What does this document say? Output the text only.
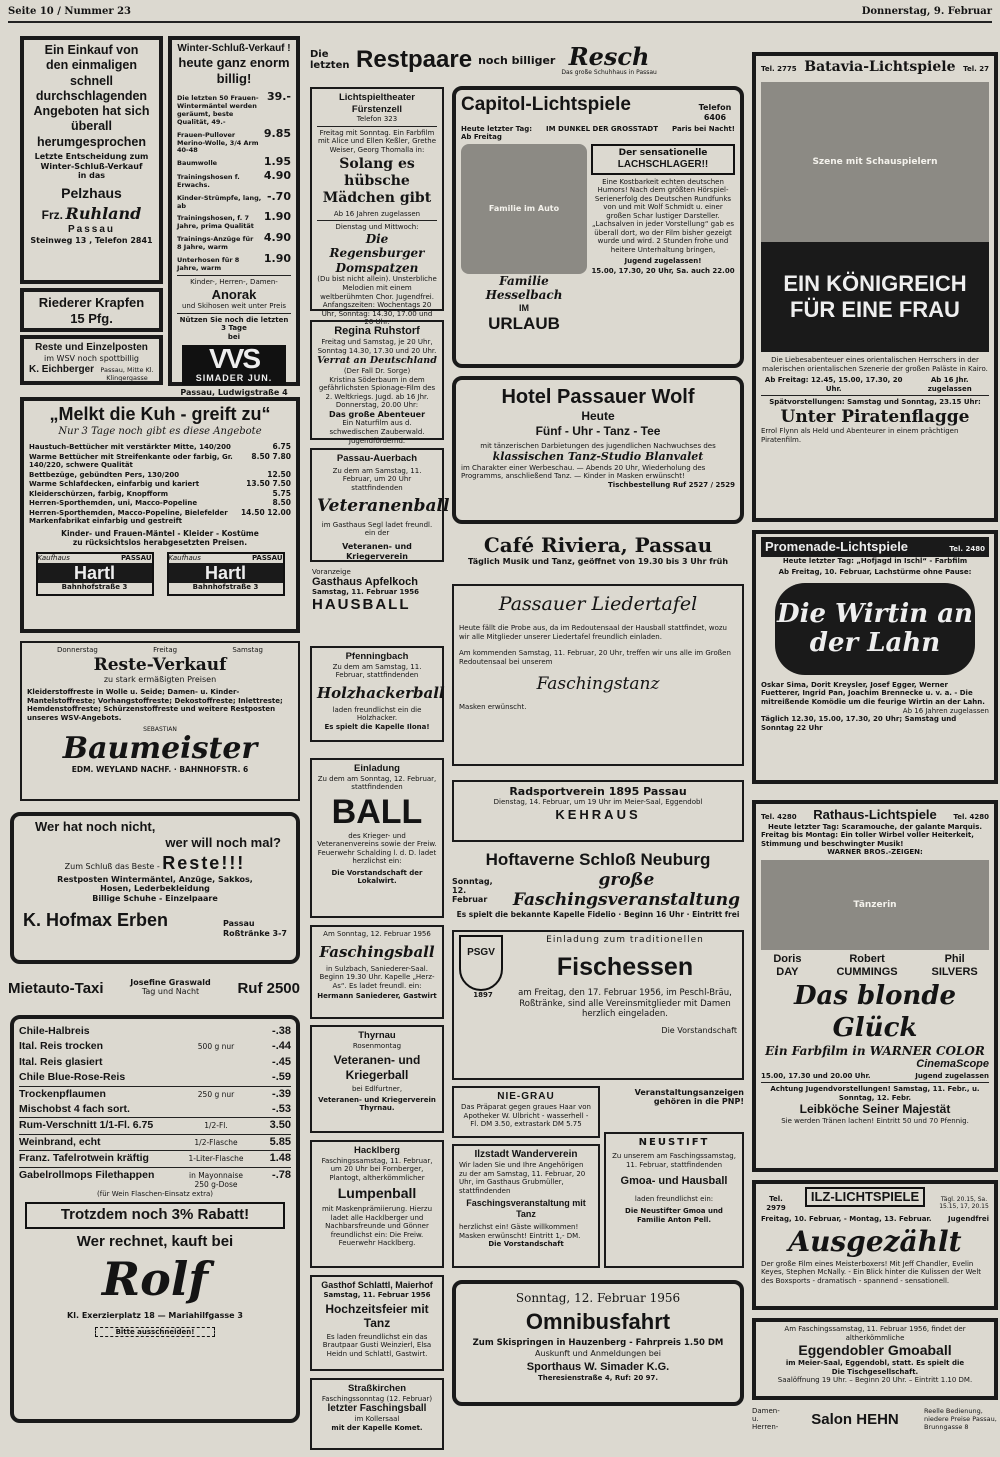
Seite 10 / Nummer 23	Donnerstag, 9. Februar
Ein Einkauf von
den einmaligen
schnell
durchschlagenden
Angeboten hat sich
überall
herumgesprochen
Letzte Entscheidung zum
Winter-Schluß-Verkauf
in das
Pelzhaus
Frz. Ruhland
Passau
Steinweg 13 , Telefon 2841
Riederer Krapfen
15 Pfg.
Reste und Einzelposten
im WSV noch spottbillig
K. Eichberger Passau, Mitte Kl. Klingergasse
Winter-Schluß-Verkauf !
heute ganz enorm
billig!
Die letzten 50 Frauen-Wintermäntel werden geräumt, beste Qualität, 49.-
39.-
Frauen-Pullover Merino-Wolle, 3/4 Arm 40-48
9.85
Baumwolle	1.95
Trainingshosen f. Erwachs.
4.90
Kinder-Strümpfe, lang, ab
-.70
Trainingshosen, f. 7 Jahre, prima Qualität
1.90
Trainings-Anzüge für 8 Jahre, warm
4.90
Unterhosen für 8 Jahre, warm
1.90
Kinder-, Herren-, Damen-
Anorak
und Skihosen weit unter Preis
Nützen Sie noch die letzten 3 Tage
bei
VVS
SIMADER JUN.
Passau, Ludwigstraße 4
„Melkt die Kuh - greift zu“
Nur 3 Tage noch gibt es diese Angebote
Haustuch-Bettücher mit verstärkter Mitte, 140/200	6.75
Warme Bettücher mit Streifenkante oder farbig, Gr. 140/220, schwere Qualität
8.50 7.80
Bettbezüge, gebündten Pers, 130/200	12.50
Warme Schlafdecken, einfarbig und kariert	13.50 7.50
Kleiderschürzen, farbig, Knopfform	5.75
Herren-Sporthemden, uni, Macco-Popeline	8.50
Herren-Sporthemden, Macco-Popeline, Bielefelder Markenfabrikat einfarbig und gestreift
14.50 12.00
Kinder- und Frauen-Mäntel - Kleider - Kostüme
zu rücksichtslos herabgesetzten Preisen.
Kaufhaus	PASSAU
Hartl
Bahnhofstraße 3
Kaufhaus	PASSAU
Hartl
Bahnhofstraße 3
Donnerstag	Freitag	Samstag
Reste-Verkauf
zu stark ermäßigten Preisen
Kleiderstoffreste in Wolle u. Seide; Damen- u. Kinder-Mantelstoffreste; Vorhangstoffreste; Dekostoffreste; Inlettreste; Hemdenstoffreste; Schürzenstoffreste und weitere Restposten unseres WSV-Angebots.
SEBASTIAN
Baumeister
EDM. WEYLAND NACHF. · BAHNHOFSTR. 6
Wer hat noch nicht,
wer will noch mal?
Zum Schluß das Beste - Reste!!!
Restposten Wintermäntel, Anzüge, Sakkos,
Hosen, Lederbekleidung
Billige Schuhe - Einzelpaare
K. Hofmax Erben	Passau
Roßtränke 3-7
Mietauto-Taxi	Josefine Graswald
Tag und Nacht	Ruf 2500
Chile-Halbreis	-.38
Ital. Reis trocken	500 g nur	-.44
Ital. Reis glasiert	-.45
Chile Blue-Rose-Reis	-.59
Trockenpflaumen	250 g nur	-.39
Mischobst 4 fach sort.	-.53
Rum-Verschnitt 1/1-Fl. 6.75	1/2-Fl.	3.50
Weinbrand, echt	1/2-Flasche	5.85
Franz. Tafelrotwein kräftig	1-Liter-Flasche	1.48
Gabelrollmops Filethappen	in Mayonnaise 250 g-Dose
-.78
(für Wein Flaschen-Einsatz extra)
Trotzdem noch 3% Rabatt!
Wer rechnet, kauft bei
Rolf
Kl. Exerzierplatz 18 — Mariahilfgasse 3
Bitte ausschneiden!
Die letzten Restpaare noch billiger Resch
Das große Schuhhaus in Passau
Lichtspieltheater Fürstenzell
Telefon 323
Freitag mit Sonntag. Ein Farbfilm mit Alice und Ellen Keßler, Grethe Weiser, Georg Thomalla in:
Solang es hübsche Mädchen gibt
Ab 16 Jahren zugelassen
Dienstag und Mittwoch:
Die Regensburger Domspatzen
(Du bist nicht allein). Unsterbliche Melodien mit einem weltberühmten Chor. Jugendfrei. Anfangszeiten: Wochentags 20 Uhr, Sonntag: 14.30, 17.00 und 20 Uhr.
Regina Ruhstorf
Freitag und Samstag, je 20 Uhr, Sonntag 14.30, 17.30 und 20 Uhr.
Verrat an Deutschland
(Der Fall Dr. Sorge)
Kristina Söderbaum in dem gefährlichsten Spionage-Film des 2. Weltkriegs. Jugd. ab 16 Jhr. Donnerstag, 20.00 Uhr:
Das große Abenteuer
Ein Naturfilm aus d. schwedischen Zauberwald. Jugendfördernd.
Passau-Auerbach
Zu dem am Samstag, 11. Februar, um 20 Uhr stattfindenden
Veteranenball
im Gasthaus Segl ladet freundl. ein der
Veteranen- und Kriegerverein
Voranzeige
Gasthaus Apfelkoch
Samstag, 11. Februar 1956
HAUSBALL
Pfenningbach
Zu dem am Samstag, 11. Februar, stattfindenden
Holzhackerball
laden freundlichst ein die Holzhacker.
Es spielt die Kapelle Ilona!
Einladung
Zu dem am Sonntag, 12. Februar, stattfindenden
BALL
des Krieger- und Veteranenvereins sowie der Freiw. Feuerwehr Schalding l. d. D. ladet herzlichst ein:
Die Vorstandschaft der
Lokalwirt.
Am Sonntag, 12. Februar 1956
Faschingsball
in Sulzbach, Saniederer-Saal. Beginn 19.30 Uhr. Kapelle „Herz-As“. Es ladet freundl. ein:
Hermann Saniederer, Gastwirt
Thyrnau
Rosenmontag
Veteranen- und Kriegerball
bei Edlfurtner,
Veteranen- und Kriegerverein Thyrnau.
Hacklberg
Faschingssamstag, 11. Februar, um 20 Uhr bei Fornberger, Plantogt, altherkömmlicher
Lumpenball
mit Maskenprämiierung. Hierzu ladet alle Hacklberger und Nachbarsfreunde und Gönner freundlichst ein: Die Freiw. Feuerwehr Hacklberg.
Gasthof Schlattl, Maierhof
Samstag, 11. Februar 1956
Hochzeitsfeier mit Tanz
Es laden freundlichst ein das Brautpaar Gusti Weinzierl, Elsa Heidn und Schlattl, Gastwirt.
Straßkirchen
Faschingssonntag (12. Februar)
letzter Faschingsball
im Kollersaal
mit der Kapelle Komet.
Capitol-Lichtspiele	Telefon 6406
Heute letzter Tag: IM DUNKEL DER GROSSTADT Paris bei Nacht!
Ab Freitag
Familie im Auto
Familie Hesselbach
IM
URLAUB
Der sensationelle
LACHSCHLAGER!!
Eine Kostbarkeit echten deutschen Humors! Nach dem größten Hörspiel-Serienerfolg des Deutschen Rundfunks von und mit Wolf Schmidt u. einer großen Schar lustiger Darsteller. „Lachsalven in jeder Vorstellung“ gab es überall dort, wo der Film bisher gezeigt wurde und wird. 2 Stunden frohe und heitere Unterhaltung bringen,
Jugend zugelassen!
15.00, 17.30, 20 Uhr, Sa. auch 22.00
Hotel Passauer Wolf
Heute
Fünf - Uhr - Tanz - Tee
mit tänzerischen Darbietungen des jugendlichen Nachwuchses des
klassischen Tanz-Studio Blanvalet
im Charakter einer Werbeschau. — Abends 20 Uhr, Wiederholung des Programms, anschließend Tanz. — Kinder in Masken erwünscht!
Tischbestellung Ruf 2527 / 2529
Café Riviera, Passau
Täglich Musik und Tanz, geöffnet von 19.30 bis 3 Uhr früh
Passauer Liedertafel
Heute fällt die Probe aus, da im Redoutensaal der Hausball stattfindet, wozu wir alle Mitglieder unserer Liedertafel freundlich einladen.
Am kommenden Samstag, 11. Februar, 20 Uhr, treffen wir uns alle im Großen Redoutensaal bei unserem
Faschingstanz
Masken erwünscht.
Radsportverein 1895 Passau
Dienstag, 14. Februar, um 19 Uhr im Meier-Saal, Eggendobl
KEHRAUS
Hoftaverne Schloß Neuburg
Sonntag,
12. Februar
große Faschingsveranstaltung
Es spielt die bekannte Kapelle Fidelio · Beginn 16 Uhr · Eintritt frei
PSGV
1897
Einladung zum traditionellen
Fischessen
am Freitag, den 17. Februar 1956, im Peschl-Bräu, Roßtränke, sind alle Vereinsmitglieder mit Damen herzlich eingeladen.
Die Vorstandschaft
NIE-GRAU
Das Präparat gegen graues Haar von Apotheker W. Ulbricht - wasserhell - Fl. DM 3.50, extrastark DM 5.75
Veranstaltungsanzeigen gehören in die PNP!
Ilzstadt Wanderverein
Wir laden Sie und Ihre Angehörigen zu der am Samstag, 11. Februar, 20 Uhr, im Gasthaus Grubmüller, stattfindenden
Faschingsveranstaltung mit Tanz
herzlichst ein! Gäste willkommen! Masken erwünscht! Eintritt 1,- DM.
Die Vorstandschaft
NEUSTIFT
Zu unserem am Faschingssamstag, 11. Februar, stattfindenden
Gmoa- und Hausball
laden freundlichst ein:
Die Neustifter Gmoa und Familie Anton Pell.
Sonntag, 12. Februar 1956
Omnibusfahrt
Zum Skispringen in Hauzenberg - Fahrpreis 1.50 DM
Auskunft und Anmeldungen bei
Sporthaus W. Simader K.G.
Theresienstraße 4, Ruf: 20 97.
Tel. 2775 Batavia-Lichtspiele Tel. 27
Szene mit Schauspielern
EIN KÖNIGREICH FÜR EINE FRAU
Die Liebesabenteuer eines orientalischen Herrschers in der malerischen orientalischen Szenerie der großen Paläste in Kairo.
Ab Freitag: 12.45, 15.00, 17.30, 20 Uhr.
Ab 16 Jhr. zugelassen
Spätvorstellungen: Samstag und Sonntag, 23.15 Uhr:
Unter Piratenflagge
Errol Flynn als Held und Abenteurer in einem prächtigen Piratenfilm.
Promenade-Lichtspiele	Tel. 2480
Heute letzter Tag: „Hofjagd in Ischl“ - Farbfilm
Ab Freitag, 10. Februar, Lachstürme ohne Pause:
Die Wirtin an der Lahn
Oskar Sima, Dorit Kreysler, Josef Egger, Werner Fuetterer, Ingrid Pan, Joachim Brennecke u. v. a. - Die mitreißende Komödie um die feurige Wirtin an der Lahn.
Ab 16 Jahren zugelassen
Täglich 12.30, 15.00, 17.30, 20 Uhr; Samstag und Sonntag 22 Uhr
Tel. 4280 Rathaus-Lichtspiele Tel. 4280
Heute letzter Tag: Scaramouche, der galante Marquis.
Freitag bis Montag: Ein toller Wirbel voller Heiterkeit, Stimmung und beschwingter Musik!
WARNER BROS.-ZEIGEN:
Tänzerin
Doris DAY
Robert CUMMINGS
Phil SILVERS
Das blonde Glück
Ein Farbfilm in WARNER COLOR
CinemaScope
15.00, 17.30 und 20.00 Uhr.	Jugend zugelassen
Achtung Jugendvorstellungen! Samstag, 11. Febr., u. Sonntag, 12. Febr.
Leibköche Seiner Majestät
Sie werden Tränen lachen! Eintritt 50 und 70 Pfennig.
Tel. 2979
ILZ-LICHTSPIELE	Tägl. 20.15, Sa. 15.15, 17, 20.15
Freitag, 10. Februar, - Montag, 13. Februar. Jugendfrei
Ausgezählt
Der große Film eines Meisterboxers! Mit Jeff Chandler, Evelin Keyes, Stephen McNally. - Ein Blick hinter die Kulissen der Welt des Boxsports - dramatisch - spannend - sensationell.
Am Faschingssamstag, 11. Februar 1956, findet der altherkömmliche
Eggendobler Gmoaball
im Meier-Saal, Eggendobl, statt. Es spielt die
Die Tischgesellschaft.
Saalöffnung 19 Uhr. – Beginn 20 Uhr. – Eintritt 1.10 DM.
Damen- u. Herren-	Salon HEHN	Reelle Bedienung, niedere Preise Passau, Brunngasse 8
